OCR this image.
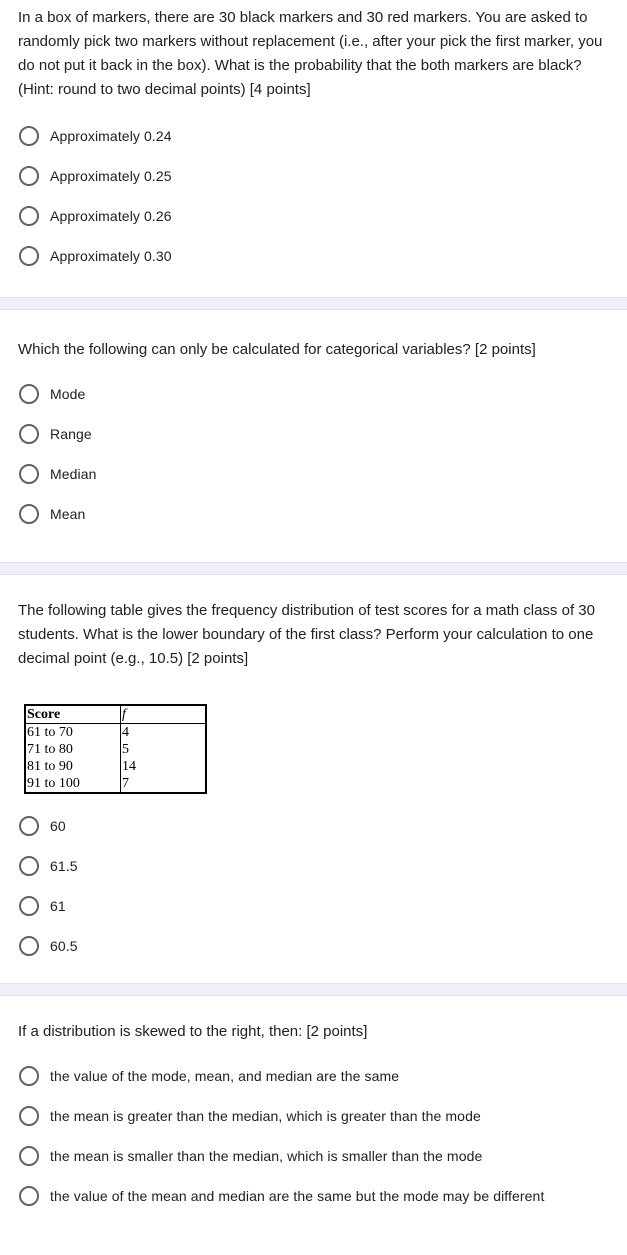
In a box of markers, there are 30 black markers and 30 red markers. You are asked to randomly pick two markers without replacement (i.e., after your pick the first marker, you do not put it back in the box). What is the probability that the both markers are black? (Hint: round to two decimal points) [4 points]

Approximately 0.24
Approximately 0.25
Approximately 0.26
Approximately 0.30

Which the following can only be calculated for categorical variables? [2 points]

Mode
Range
Median
Mean

The following table gives the frequency distribution of test scores for a math class of 30 students. What is the lower boundary of the first class? Perform your calculation to one decimal point (e.g., 10.5) [2 points]

Score	f
61 to 70	4
71 to 80	5
81 to 90	14
91 to 100	7
60
61.5
61
60.5

If a distribution is skewed to the right, then: [2 points]

the value of the mode, mean, and median are the same
the mean is greater than the median, which is greater than the mode
the mean is smaller than the median, which is smaller than the mode
the value of the mean and median are the same but the mode may be different
